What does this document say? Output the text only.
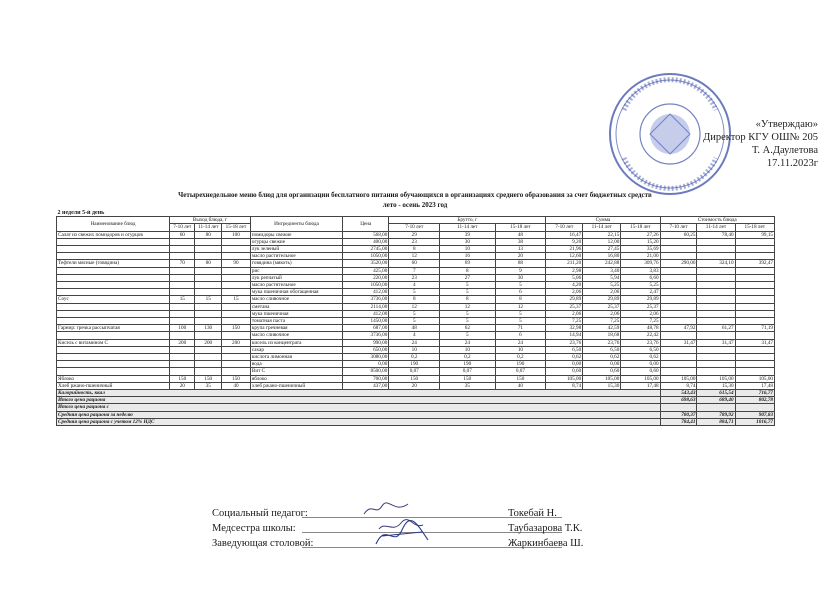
«Утверждаю»
Директор КГУ ОШ№ 205
Т. А.Даулетова
17.11.2023г
Четырехнедельное меню блюд для организации бесплатного питания обучающихся в организациях среднего образования за счет бюджетных средств
лето - осень 2023 год
2 недели 5-й день														
Наименование блюд	Выход блюда, г			Ингредиенты блюда	Цена	Брутто, г			Сумма			Стоимость блюда		
	7-10 лет	11-14 лет	15-18 лет			7-10 лет	11-14 лет	15-18 лет	7-10 лет	11-14 лет	15-18 лет	7-10 лет	11-14 лет	15-18 лет
Салат из свежих помидоров и огурцов	60	80	100	помидоры свежие	568,00	29	39	48	16,47	22,15	27,26	60,25	78,40	99,15
				огурцы свежие	400,00	23	30	38	9,20	12,00	15,20			
				лук зеленый	2745,00	8	10	13	21,96	27,45	35,69			
				масло растительное	1050,00	12	16	20	12,60	16,80	21,00			
Тефтели мясные (говядина)	70	80	90	говядина (мякоть)	3520,00	60	69	88	211,20	242,88	309,76	290,06	324,10	392,47
				рис	425,00	7	8	9	2,98	3,40	3,83			
				лук репчатый	220,00	23	27	30	5,06	5,94	6,60			
				масло растительное	1050,00	4	5	5	4,20	5,25	5,25			
				мука пшеничная обогащенная	412,00	5	5	6	2,06	2,06	2,47			
Соус	15	15	15	масло сливочное	3736,00	8	8	8	29,89	29,89	29,89			
				сметана	2114,00	12	12	12	25,37	25,37	25,37			
				мука пшеничная	412,00	5	5	5	2,06	2,06	2,06			
				томатная паста	1450,00	5	5	5	7,25	7,25	7,25			
Гарнир: гречка рассыпчатая	100	130	150	крупа гречневая	687,00	48	62	71	32,98	42,59	48,78	47,92	61,27	71,19
				масло сливочное	3736,00	4	5	6	14,94	18,68	22,42			
Кисель с витамином С	200	200	200	кисель из концентрата	990,00	24	24	24	23,76	23,76	23,76	31,47	31,47	31,47
				сахар	650,00	10	10	10	6,50	6,50	6,50			
				кислота лимонная	3080,00	0,2	0,2	0,2	0,62	0,62	0,62			
				вода	0,00	190	190	190	0,00	0,00	0,00			
				Вит С	8500,00	0,07	0,07	0,07	0,60	0,60	0,60			
Яблоко	150	150	150	яблоко	700,00	150	150	150	105,00	105,00	105,00	105,00	105,00	105,00
Хлеб ржано-пшеничный	20	35	40	хлеб ржано-пшеничный	437,00	20	35	40	8,74	15,30	17,48	8,74	15,30	17,48
Калорийность, ккал												543,43	615,54	716,77
Итого цена рациона												698,63	689,40	802,78
Итого цена рациона с														
Средняя цена рациона за неделю												700,37	789,92	907,83
Средняя цена рациона с учетом 12% НДС												784,41	884,71	1016,77
Социальный педагог:	Токебай Н.
Медсестра школы:	Таубазарова Т.К.
Заведующая столовой:	Жаркинбаева Ш.
